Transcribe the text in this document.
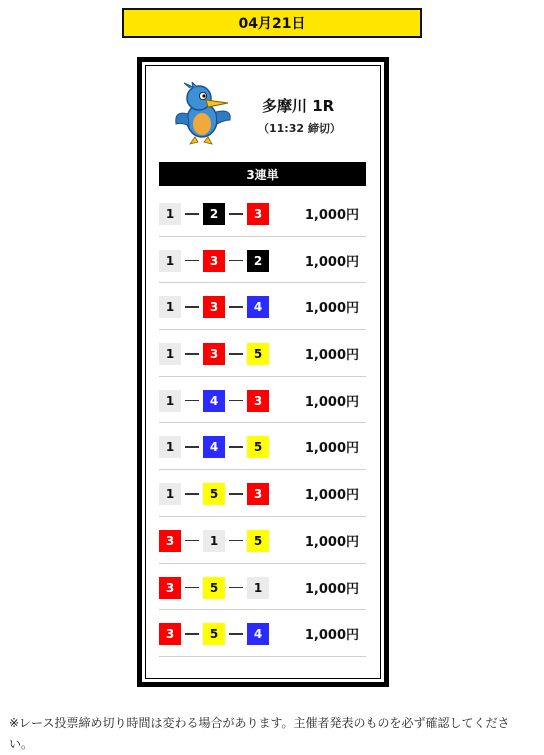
04月21日
多摩川 1R
（11:32 締切）
3連単
1	2	3	1,000円
1	3	2	1,000円
1	3	4	1,000円
1	3	5	1,000円
1	4	3	1,000円
1	4	5	1,000円
1	5	3	1,000円
3	1	5	1,000円
3	5	1	1,000円
3	5	4	1,000円
※レース投票締め切り時間は変わる場合があります。主催者発表のものを必ず確認してください。
